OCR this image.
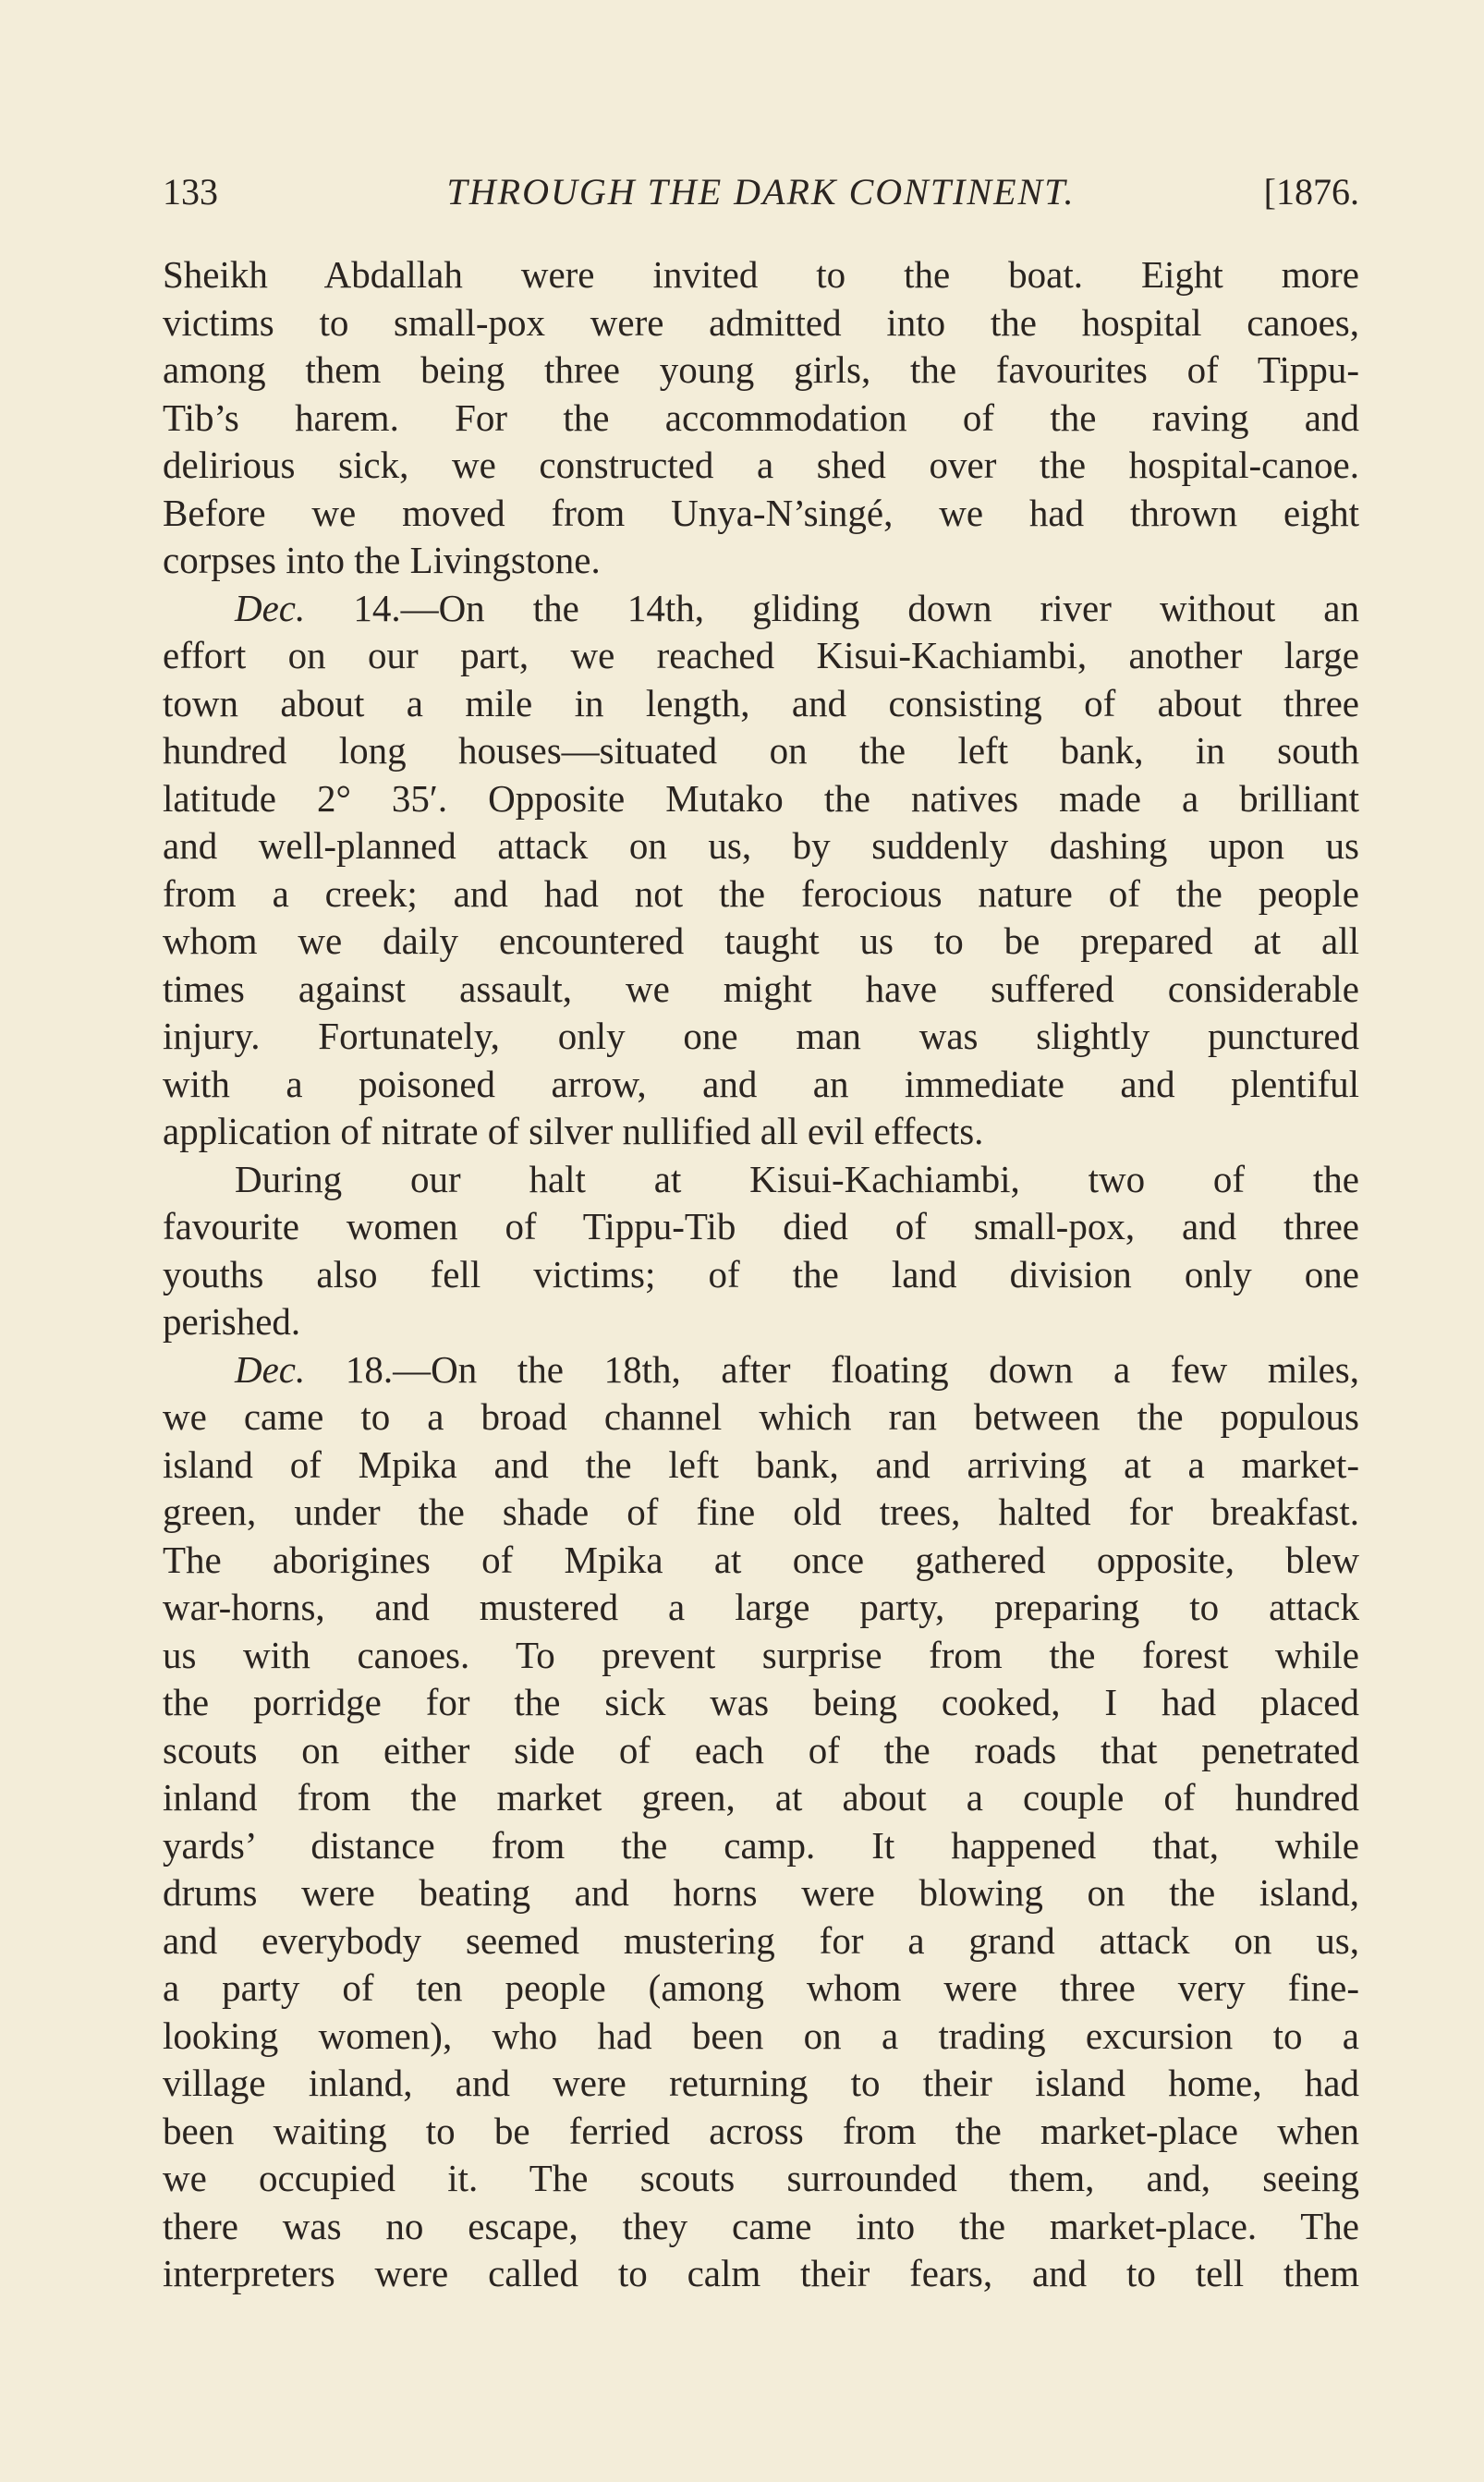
133	THROUGH THE DARK CONTINENT.	[1876.
Sheikh Abdallah were invited to the boat. Eight more
victims to small-pox were admitted into the hospital canoes,
among them being three young girls, the favourites of Tippu-
Tib’s harem. For the accommodation of the raving and
delirious sick, we constructed a shed over the hospital-canoe.
Before we moved from Unya-N’singé, we had thrown eight
corpses into the Livingstone.
Dec. 14.—On the 14th, gliding down river without an
effort on our part, we reached Kisui-Kachiambi, another large
town about a mile in length, and consisting of about three
hundred long houses—situated on the left bank, in south
latitude 2° 35′. Opposite Mutako the natives made a brilliant
and well-planned attack on us, by suddenly dashing upon us
from a creek; and had not the ferocious nature of the people
whom we daily encountered taught us to be prepared at all
times against assault, we might have suffered considerable
injury. Fortunately, only one man was slightly punctured
with a poisoned arrow, and an immediate and plentiful
application of nitrate of silver nullified all evil effects.
During our halt at Kisui-Kachiambi, two of the
favourite women of Tippu-Tib died of small-pox, and three
youths also fell victims; of the land division only one
perished.
Dec. 18.—On the 18th, after floating down a few miles,
we came to a broad channel which ran between the populous
island of Mpika and the left bank, and arriving at a market-
green, under the shade of fine old trees, halted for breakfast.
The aborigines of Mpika at once gathered opposite, blew
war-horns, and mustered a large party, preparing to attack
us with canoes. To prevent surprise from the forest while
the porridge for the sick was being cooked, I had placed
scouts on either side of each of the roads that penetrated
inland from the market green, at about a couple of hundred
yards’ distance from the camp. It happened that, while
drums were beating and horns were blowing on the island,
and everybody seemed mustering for a grand attack on us,
a party of ten people (among whom were three very fine-
looking women), who had been on a trading excursion to a
village inland, and were returning to their island home, had
been waiting to be ferried across from the market-place when
we occupied it. The scouts surrounded them, and, seeing
there was no escape, they came into the market-place. The
interpreters were called to calm their fears, and to tell them
